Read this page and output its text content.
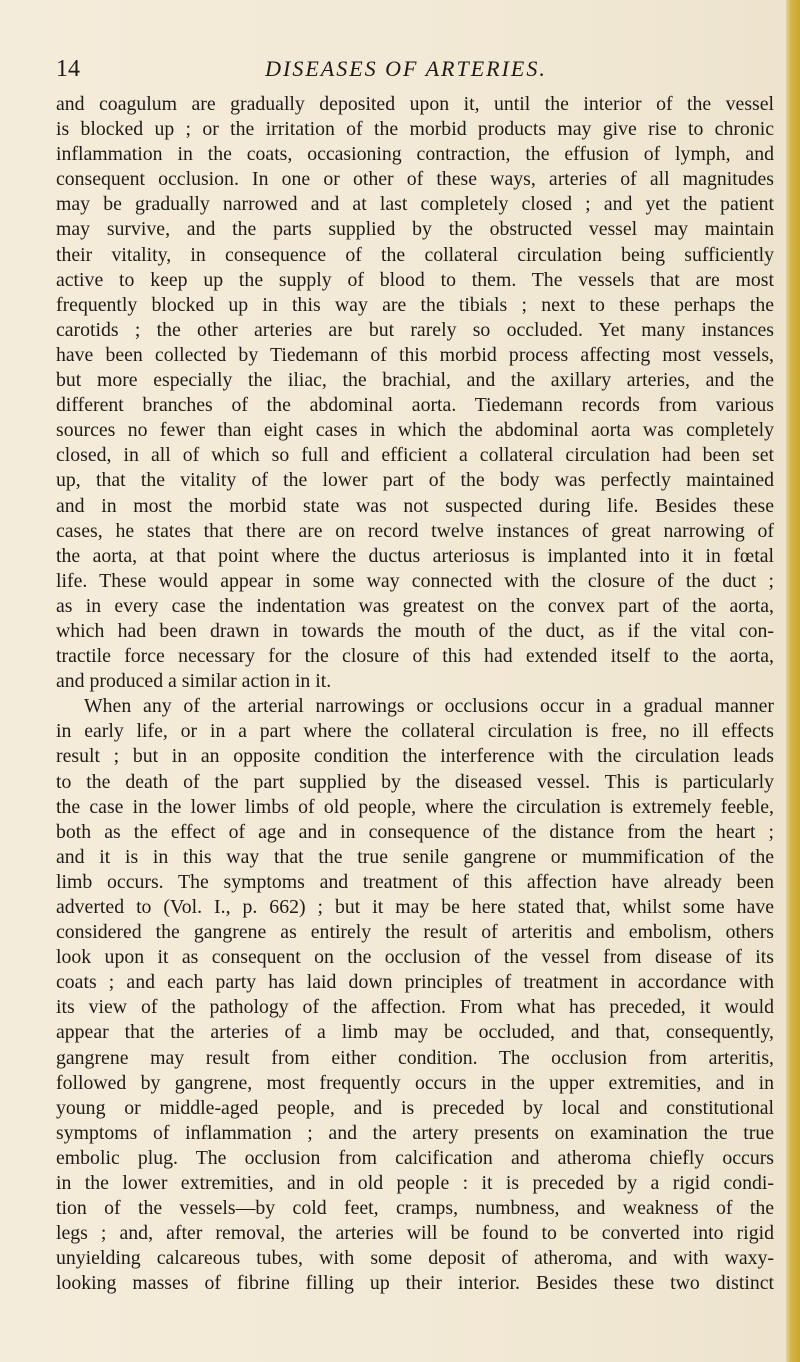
14	DISEASES OF ARTERIES.
and coagulum are gradually deposited upon it, until the interior of the vessel
is blocked up ; or the irritation of the morbid products may give rise to chronic
inflammation in the coats, occasioning contraction, the effusion of lymph, and
consequent occlusion. In one or other of these ways, arteries of all magnitudes
may be gradually narrowed and at last completely closed ; and yet the patient
may survive, and the parts supplied by the obstructed vessel may maintain
their vitality, in consequence of the collateral circulation being sufficiently
active to keep up the supply of blood to them. The vessels that are most
frequently blocked up in this way are the tibials ; next to these perhaps the
carotids ; the other arteries are but rarely so occluded. Yet many instances
have been collected by Tiedemann of this morbid process affecting most vessels,
but more especially the iliac, the brachial, and the axillary arteries, and the
different branches of the abdominal aorta. Tiedemann records from various
sources no fewer than eight cases in which the abdominal aorta was completely
closed, in all of which so full and efficient a collateral circulation had been set
up, that the vitality of the lower part of the body was perfectly maintained
and in most the morbid state was not suspected during life. Besides these
cases, he states that there are on record twelve instances of great narrowing of
the aorta, at that point where the ductus arteriosus is implanted into it in fœtal
life. These would appear in some way connected with the closure of the duct ;
as in every case the indentation was greatest on the convex part of the aorta,
which had been drawn in towards the mouth of the duct, as if the vital con-
tractile force necessary for the closure of this had extended itself to the aorta,
and produced a similar action in it.
When any of the arterial narrowings or occlusions occur in a gradual manner
in early life, or in a part where the collateral circulation is free, no ill effects
result ; but in an opposite condition the interference with the circulation leads
to the death of the part supplied by the diseased vessel. This is particularly
the case in the lower limbs of old people, where the circulation is extremely feeble,
both as the effect of age and in consequence of the distance from the heart ;
and it is in this way that the true senile gangrene or mummification of the
limb occurs. The symptoms and treatment of this affection have already been
adverted to (Vol. I., p. 662) ; but it may be here stated that, whilst some have
considered the gangrene as entirely the result of arteritis and embolism, others
look upon it as consequent on the occlusion of the vessel from disease of its
coats ; and each party has laid down principles of treatment in accordance with
its view of the pathology of the affection. From what has preceded, it would
appear that the arteries of a limb may be occluded, and that, consequently,
gangrene may result from either condition. The occlusion from arteritis,
followed by gangrene, most frequently occurs in the upper extremities, and in
young or middle-aged people, and is preceded by local and constitutional
symptoms of inflammation ; and the artery presents on examination the true
embolic plug. The occlusion from calcification and atheroma chiefly occurs
in the lower extremities, and in old people : it is preceded by a rigid condi-
tion of the vessels—by cold feet, cramps, numbness, and weakness of the
legs ; and, after removal, the arteries will be found to be converted into rigid
unyielding calcareous tubes, with some deposit of atheroma, and with waxy-
looking masses of fibrine filling up their interior. Besides these two distinct
